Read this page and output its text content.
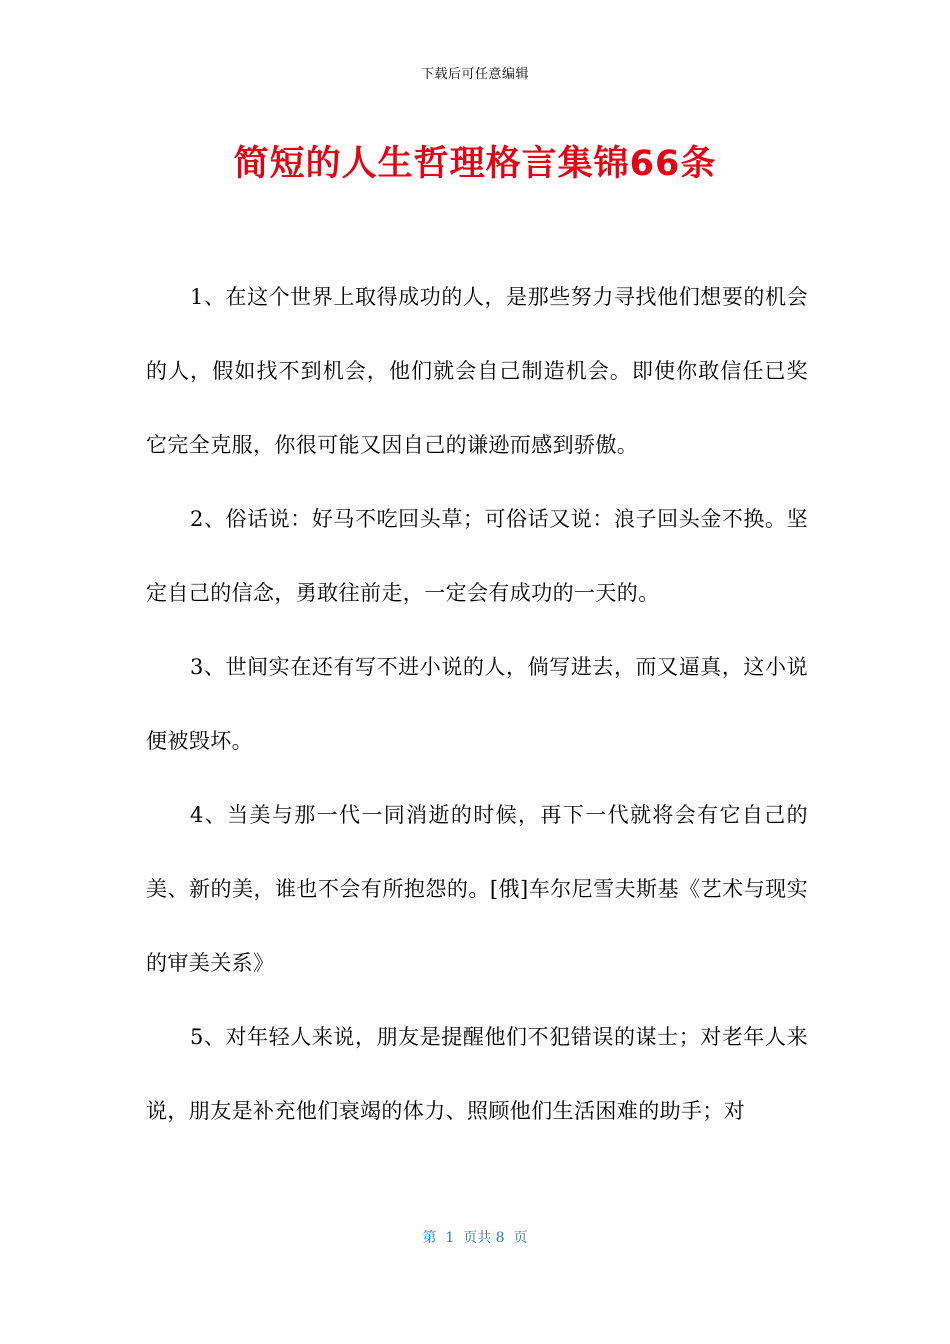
下载后可任意编辑
简短的人生哲理格言集锦66条

1、在这个世界上取得成功的人，是那些努力寻找他们想要的机会的人，假如找不到机会，他们就会自己制造机会。即使你敢信任已奖它完全克服，你很可能又因自己的谦逊而感到骄傲。

2、俗话说：好马不吃回头草；可俗话又说：浪子回头金不换。坚定自己的信念，勇敢往前走，一定会有成功的一天的。

3、世间实在还有写不进小说的人，倘写进去，而又逼真，这小说便被毁坏。

4、当美与那一代一同消逝的时候，再下一代就将会有它自己的美、新的美，谁也不会有所抱怨的。[俄]车尔尼雪夫斯基《艺术与现实的审美关系》

5、对年轻人来说，朋友是提醒他们不犯错误的谋士；对老年人来说，朋友是补充他们衰竭的体力、照顾他们生活困难的助手；对

第  1  页共 8  页
